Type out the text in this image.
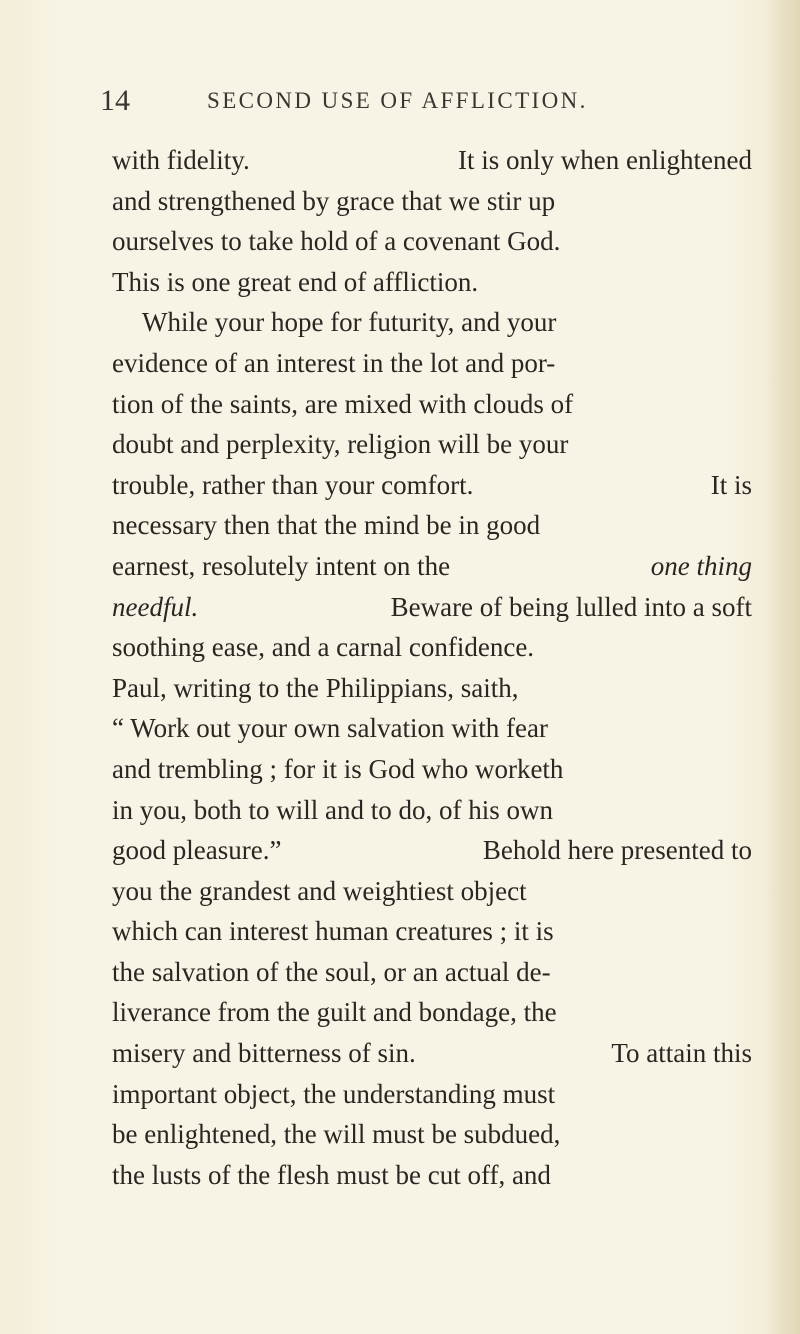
14	SECOND USE OF AFFLICTION.
with fidelity.	It is only when enlightened
and strengthened by grace that we stir up
ourselves to take hold of a covenant God.
This is one great end of affliction.
While your hope for futurity, and your
evidence of an interest in the lot and por-
tion of the saints, are mixed with clouds of
doubt and perplexity, religion will be your
trouble, rather than your comfort.	It is
necessary then that the mind be in good
earnest, resolutely intent on the	one thing
needful.	Beware of being lulled into a soft
soothing ease, and a carnal confidence.
Paul, writing to the Philippians, saith,
“ Work out your own salvation with fear
and trembling ; for it is God who worketh
in you, both to will and to do, of his own
good pleasure.”	Behold here presented to
you the grandest and weightiest object
which can interest human creatures ; it is
the salvation of the soul, or an actual de-
liverance from the guilt and bondage, the
misery and bitterness of sin.	To attain this
important object, the understanding must
be enlightened, the will must be subdued,
the lusts of the flesh must be cut off, and
